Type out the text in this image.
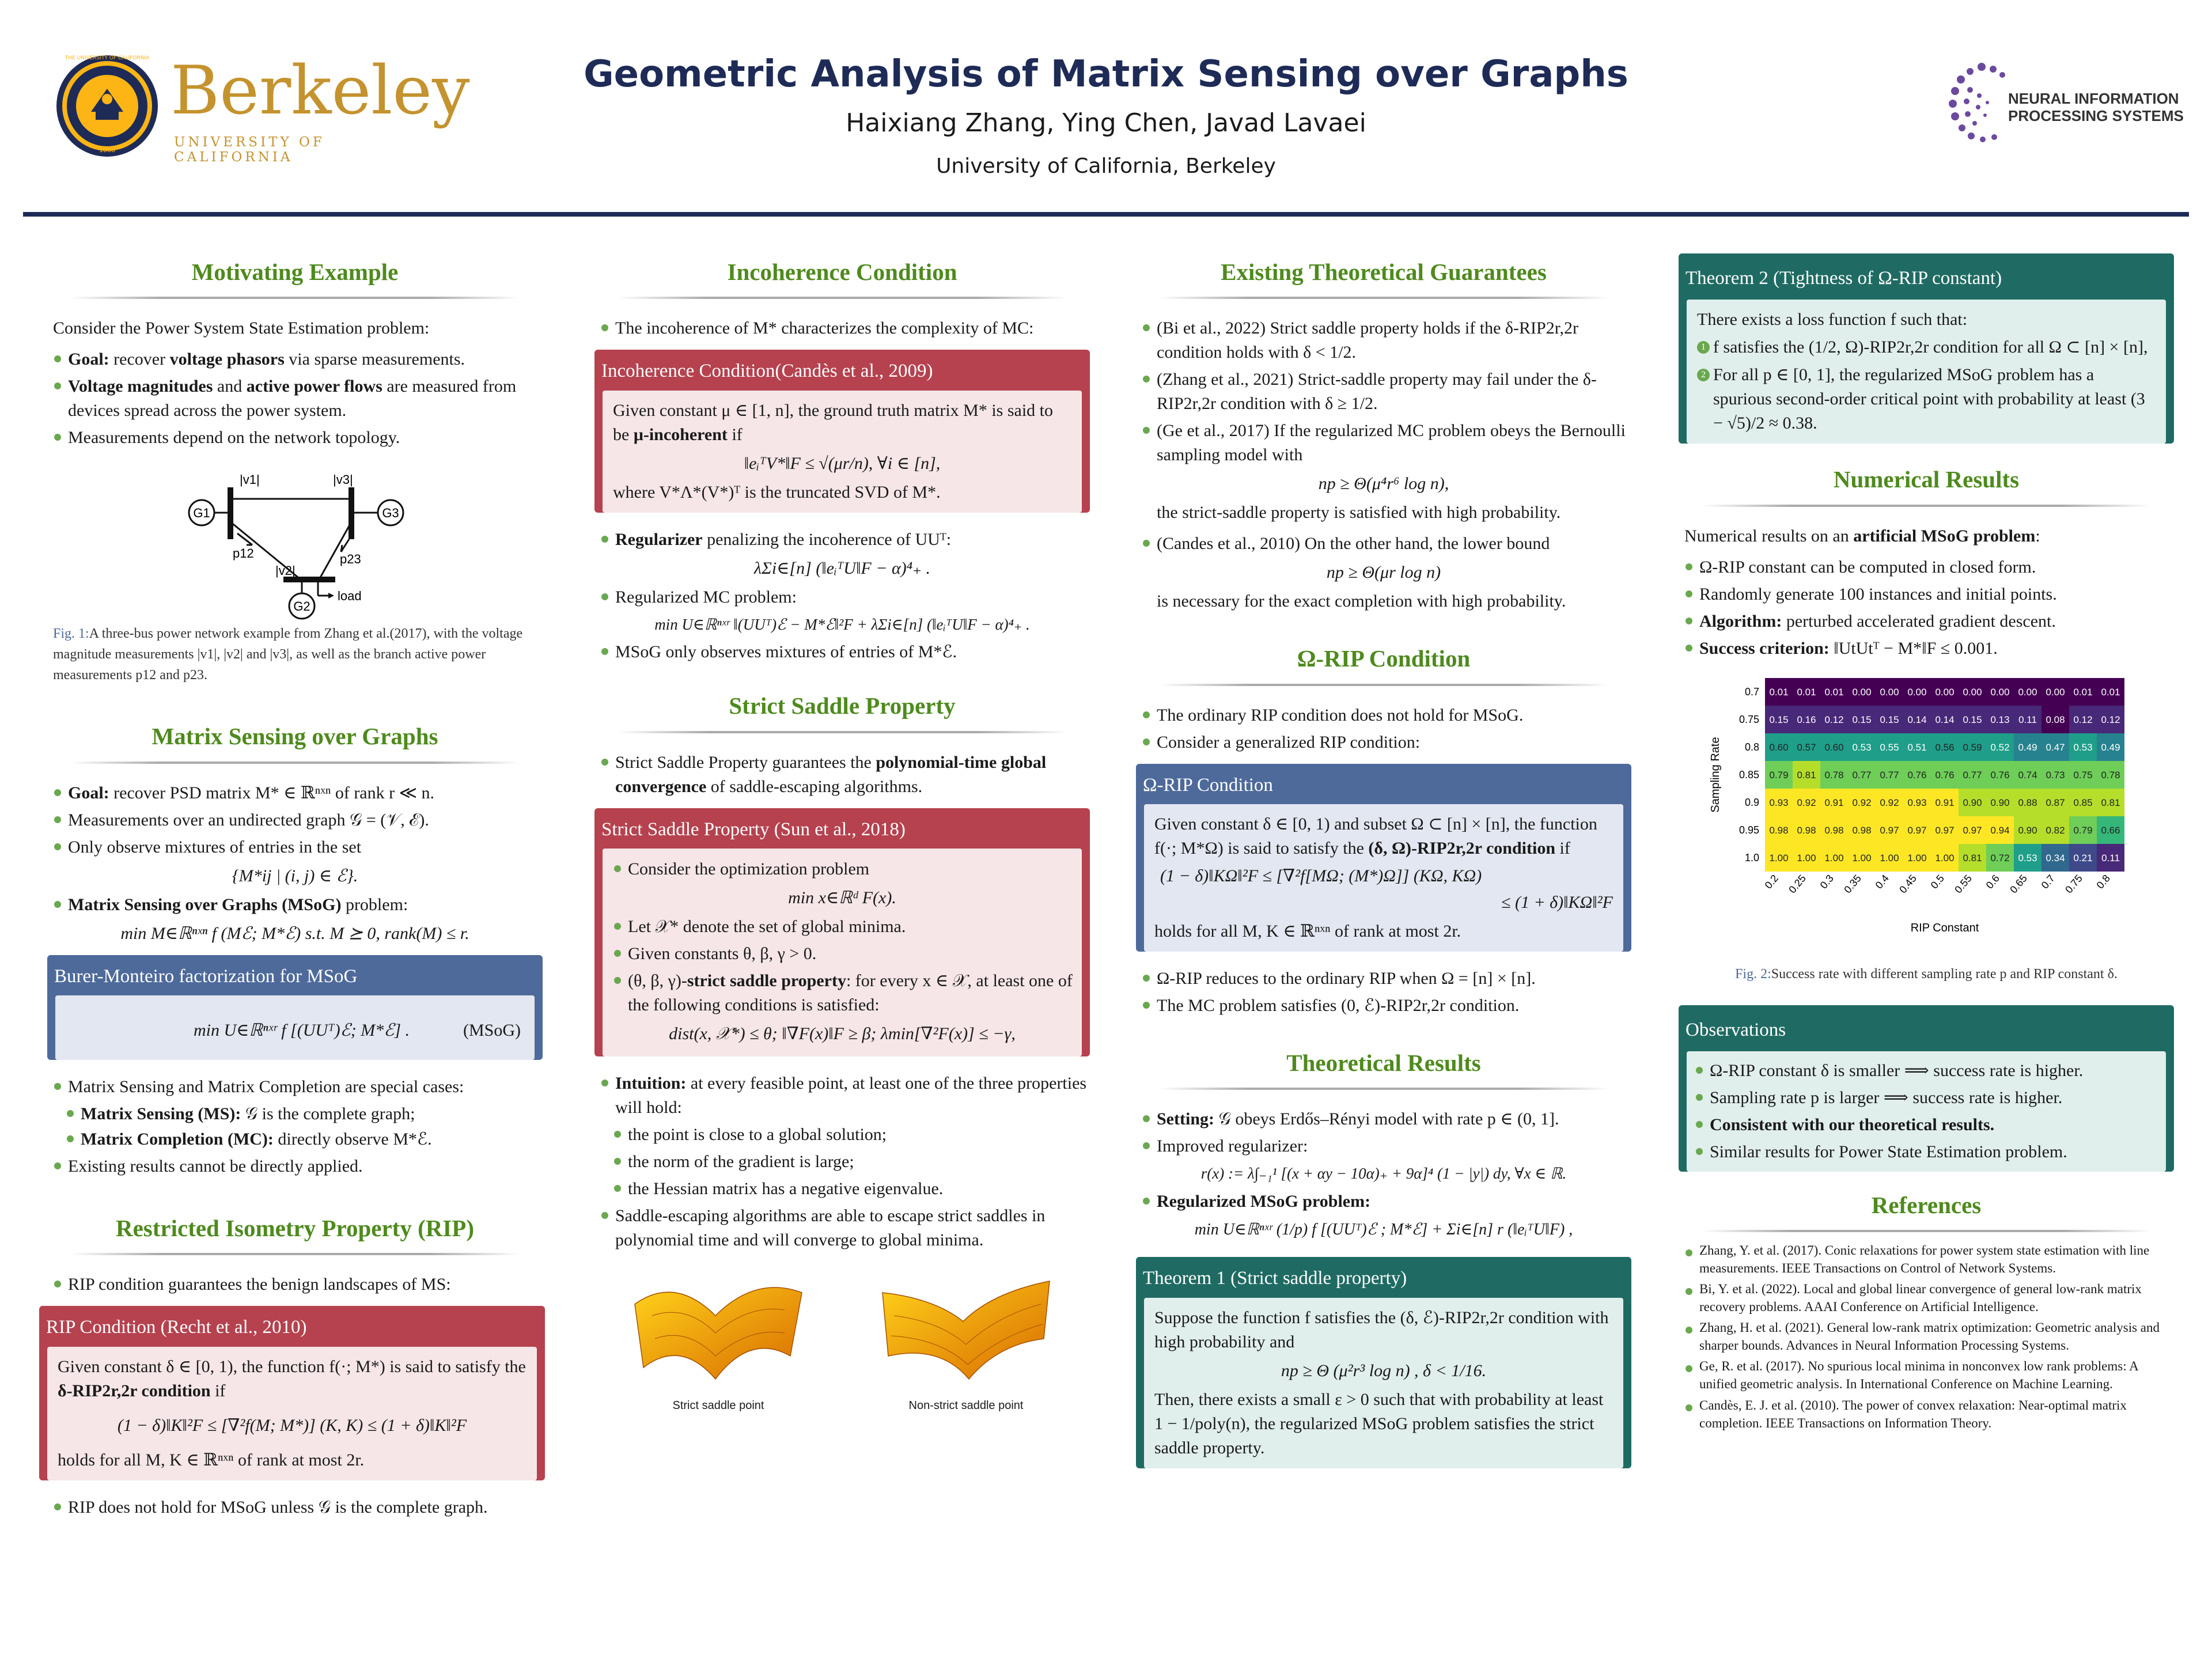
THE UNIVERSITY OF CALIFORNIA
1868
Berkeley
UNIVERSITY OF CALIFORNIA
NEURAL INFORMATION
PROCESSING SYSTEMS
Geometric Analysis of Matrix Sensing over Graphs
Haixiang Zhang, Ying Chen, Javad Lavaei
University of California, Berkeley
Motivating Example
Consider the Power System State Estimation problem:
Goal: recover voltage phasors via sparse measurements.
Voltage magnitudes and active power flows are measured from devices spread across the power system.
Measurements depend on the network topology.
G1	G3
G2
|v1|	|v3|
|v2|
p12	p23
load
Fig. 1:A three-bus power network example from Zhang et al.(2017), with the voltage magnitude measurements |v1|, |v2| and |v3|, as well as the branch active power measurements p12 and p23.
Matrix Sensing over Graphs
Goal: recover PSD matrix M* ∈ ℝⁿˣⁿ of rank r ≪ n.
Measurements over an undirected graph 𝒢 = (𝒱, ℰ).
Only observe mixtures of entries in the set
{M*ij | (i, j) ∈ ℰ}.
Matrix Sensing over Graphs (MSoG) problem:
min M∈ℝⁿˣⁿ f (Mℰ; M*ℰ) s.t. M ⪰ 0, rank(M) ≤ r.
Burer-Monteiro factorization for MSoG
min U∈ℝⁿˣʳ f [(UUᵀ)ℰ; M*ℰ] .	(MSoG)
Matrix Sensing and Matrix Completion are special cases:
Matrix Sensing (MS): 𝒢 is the complete graph;
Matrix Completion (MC): directly observe M*ℰ.
Existing results cannot be directly applied.
Restricted Isometry Property (RIP)
RIP condition guarantees the benign landscapes of MS:
RIP Condition (Recht et al., 2010)
Given constant δ ∈ [0, 1), the function f(·; M*) is said to satisfy the δ-RIP2r,2r condition if
(1 − δ)‖K‖²F ≤ [∇²f(M; M*)] (K, K) ≤ (1 + δ)‖K‖²F
holds for all M, K ∈ ℝⁿˣⁿ of rank at most 2r.
RIP does not hold for MSoG unless 𝒢 is the complete graph.
Incoherence Condition
The incoherence of M* characterizes the complexity of MC:
Incoherence Condition(Candès et al., 2009)
Given constant μ ∈ [1, n], the ground truth matrix M* is said to be μ-incoherent if
‖eᵢᵀV*‖F ≤ √(μr/n), ∀i ∈ [n],
where V*Λ*(V*)ᵀ is the truncated SVD of M*.
Regularizer penalizing the incoherence of UUᵀ:
λΣi∈[n] (‖eᵢᵀU‖F − α)⁴₊ .
Regularized MC problem:
min U∈ℝⁿˣʳ ‖(UUᵀ)ℰ − M*ℰ‖²F + λΣi∈[n] (‖eᵢᵀU‖F − α)⁴₊ .
MSoG only observes mixtures of entries of M*ℰ.
Strict Saddle Property
Strict Saddle Property guarantees the polynomial-time global convergence of saddle-escaping algorithms.
Strict Saddle Property (Sun et al., 2018)
Consider the optimization problem
min x∈ℝᵈ F(x).
Let 𝒳* denote the set of global minima.
Given constants θ, β, γ > 0.
(θ, β, γ)-strict saddle property: for every x ∈ 𝒳, at least one of the following conditions is satisfied:
dist(x, 𝒳*) ≤ θ; ‖∇F(x)‖F ≥ β; λmin[∇²F(x)] ≤ −γ,
Intuition: at every feasible point, at least one of the three properties will hold:
the point is close to a global solution;
the norm of the gradient is large;
the Hessian matrix has a negative eigenvalue.
Saddle-escaping algorithms are able to escape strict saddles in polynomial time and will converge to global minima.
Strict saddle point	Non-strict saddle point
Existing Theoretical Guarantees
(Bi et al., 2022) Strict saddle property holds if the δ-RIP2r,2r condition holds with δ < 1/2.
(Zhang et al., 2021) Strict-saddle property may fail under the δ-RIP2r,2r condition with δ ≥ 1/2.
(Ge et al., 2017) If the regularized MC problem obeys the Bernoulli sampling model with
np ≥ Θ(μ⁴r⁶ log n),
the strict-saddle property is satisfied with high probability.
(Candes et al., 2010) On the other hand, the lower bound
np ≥ Θ(μr log n)
is necessary for the exact completion with high probability.
Ω-RIP Condition
The ordinary RIP condition does not hold for MSoG.
Consider a generalized RIP condition:
Ω-RIP Condition
Given constant δ ∈ [0, 1) and subset Ω ⊂ [n] × [n], the function f(·; M*Ω) is said to satisfy the (δ, Ω)-RIP2r,2r condition if
(1 − δ)‖KΩ‖²F ≤ [∇²f[MΩ; (M*)Ω]] (KΩ, KΩ)
≤ (1 + δ)‖KΩ‖²F
holds for all M, K ∈ ℝⁿˣⁿ of rank at most 2r.
Ω-RIP reduces to the ordinary RIP when Ω = [n] × [n].
The MC problem satisfies (0, ℰ)-RIP2r,2r condition.
Theoretical Results
Setting: 𝒢 obeys Erdős–Rényi model with rate p ∈ (0, 1].
Improved regularizer:
r(x) := λ∫₋₁¹ [(x + αy − 10α)₊ + 9α]⁴ (1 − |y|) dy, ∀x ∈ ℝ.
Regularized MSoG problem:
min U∈ℝⁿˣʳ (1/p) f [(UUᵀ)ℰ ; M*ℰ] + Σi∈[n] r (‖eᵢᵀU‖F) ,
Theorem 1 (Strict saddle property)
Suppose the function f satisfies the (δ, ℰ)-RIP2r,2r condition with high probability and
np ≥ Θ (μ²r³ log n) , δ < 1/16.
Then, there exists a small ε > 0 such that with probability at least 1 − 1/poly(n), the regularized MSoG problem satisfies the strict saddle property.
Theorem 2 (Tightness of Ω-RIP constant)
There exists a loss function f such that:
1 f satisfies the (1/2, Ω)-RIP2r,2r condition for all Ω ⊂ [n] × [n],
2 For all p ∈ [0, 1], the regularized MSoG problem has a spurious second-order critical point with probability at least (3 − √5)/2 ≈ 0.38.
Numerical Results
Numerical results on an artificial MSoG problem:
Ω-RIP constant can be computed in closed form.
Randomly generate 100 instances and initial points.
Algorithm: perturbed accelerated gradient descent.
Success criterion: ‖UtUtᵀ − M*‖F ≤ 0.001.
0.01 0.01 0.01 0.00 0.00 0.00 0.00 0.00 0.00 0.00 0.00 0.01 0.01
0.15 0.16 0.12 0.15 0.15 0.14 0.14 0.15 0.13 0.11 0.08 0.12 0.12
0.60 0.57 0.60 0.53 0.55 0.51 0.56 0.59 0.52 0.49 0.47 0.53 0.49
0.79 0.81 0.78 0.77 0.77 0.76 0.76 0.77 0.76 0.74 0.73 0.75 0.78
0.93 0.92 0.91 0.92 0.92 0.93 0.91 0.90 0.90 0.88 0.87 0.85 0.81
0.98 0.98 0.98 0.98 0.97 0.97 0.97 0.97 0.94 0.90 0.82 0.79 0.66
1.00 1.00 1.00 1.00 1.00 1.00 1.00 0.81 0.72 0.53 0.34 0.21 0.11
0.7
0.75
0.8
0.85
0.9
0.95
1.0
0.2 0.25 0.3 0.35 0.4 0.45 0.5 0.55 0.6 0.65 0.7 0.75 0.8
RIP Constant
Sampling Rate
Fig. 2:Success rate with different sampling rate p and RIP constant δ.
Observations
Ω-RIP constant δ is smaller ⟹ success rate is higher.
Sampling rate p is larger ⟹ success rate is higher.
Consistent with our theoretical results.
Similar results for Power State Estimation problem.
References
Zhang, Y. et al. (2017). Conic relaxations for power system state estimation with line measurements. IEEE Transactions on Control of Network Systems.
Bi, Y. et al. (2022). Local and global linear convergence of general low-rank matrix recovery problems. AAAI Conference on Artificial Intelligence.
Zhang, H. et al. (2021). General low-rank matrix optimization: Geometric analysis and sharper bounds. Advances in Neural Information Processing Systems.
Ge, R. et al. (2017). No spurious local minima in nonconvex low rank problems: A unified geometric analysis. In International Conference on Machine Learning.
Candès, E. J. et al. (2010). The power of convex relaxation: Near-optimal matrix completion. IEEE Transactions on Information Theory.
